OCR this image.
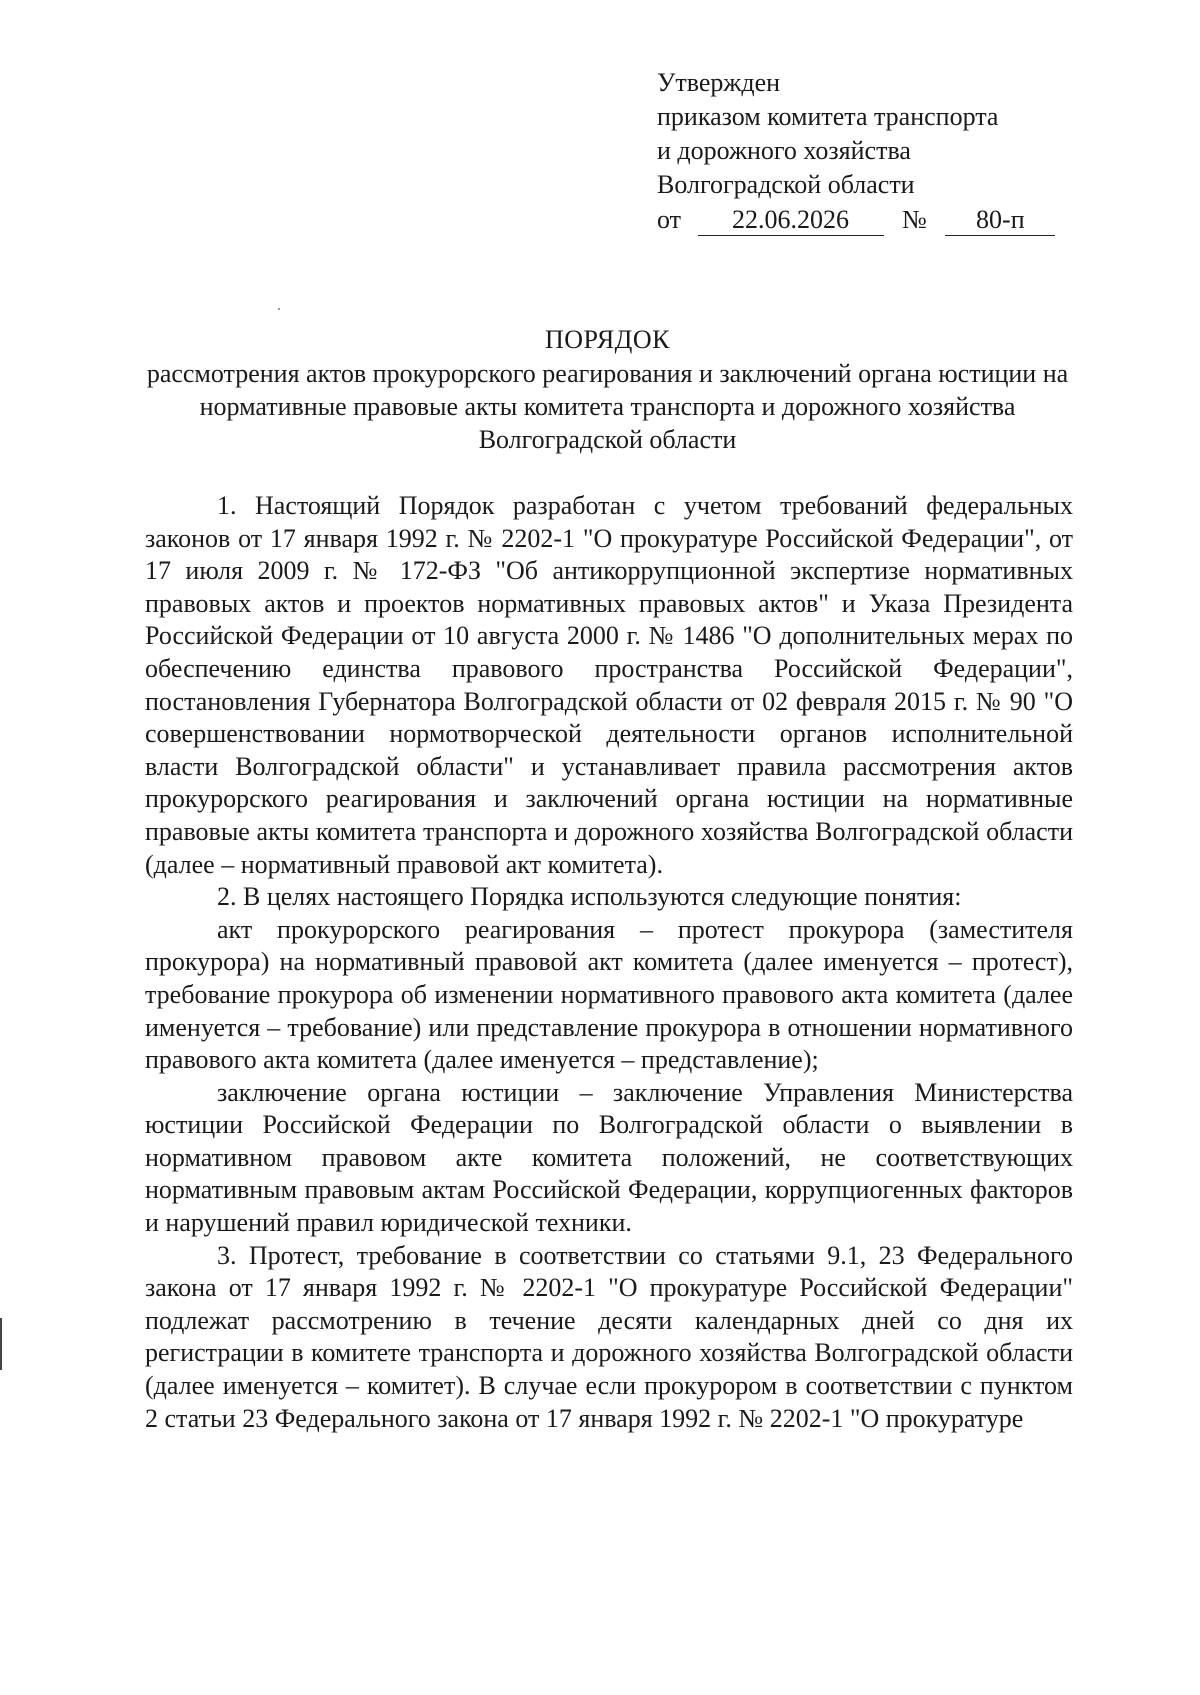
Утвержден
приказом комитета транспорта
и дорожного хозяйства
Волгоградской области
от 22.06.2026 № 80-п
ПОРЯДОК
рассмотрения актов прокурорского реагирования и заключений органа юстиции на нормативные правовые акты комитета транспорта и дорожного хозяйства Волгоградской области

1. Настоящий Порядок разработан с учетом требований федеральных законов от 17 января 1992 г. № 2202-1 "О прокуратуре Российской Федерации", от 17 июля 2009 г. № 172-ФЗ "Об антикоррупционной экспертизе нормативных правовых актов и проектов нормативных правовых актов" и Указа Президента Российской Федерации от 10 августа 2000 г. № 1486 "О дополнительных мерах по обеспечению единства правового пространства Российской Федерации", постановления Губернатора Волгоградской области от 02 февраля 2015 г. № 90 "О совершенствовании нормотворческой деятельности органов исполнительной власти Волгоградской области" и устанавливает правила рассмотрения актов прокурорского реагирования и заключений органа юстиции на нормативные правовые акты комитета транспорта и дорожного хозяйства Волгоградской области (далее – нормативный правовой акт комитета).

2. В целях настоящего Порядка используются следующие понятия:

акт прокурорского реагирования – протест прокурора (заместителя прокурора) на нормативный правовой акт комитета (далее именуется – протест), требование прокурора об изменении нормативного правового акта комитета (далее именуется – требование) или представление прокурора в отношении нормативного правового акта комитета (далее именуется – представление);

заключение органа юстиции – заключение Управления Министерства юстиции Российской Федерации по Волгоградской области о выявлении в нормативном правовом акте комитета положений, не соответствующих нормативным правовым актам Российской Федерации, коррупциогенных факторов и нарушений правил юридической техники.

3. Протест, требование в соответствии со статьями 9.1, 23 Федерального закона от 17 января 1992 г. № 2202-1 "О прокуратуре Российской Федерации" подлежат рассмотрению в течение десяти календарных дней со дня их регистрации в комитете транспорта и дорожного хозяйства Волгоградской области (далее именуется – комитет). В случае если прокурором в соответствии с пунктом 2 статьи 23 Федерального закона от 17 января 1992 г. № 2202-1 "О прокуратуре
